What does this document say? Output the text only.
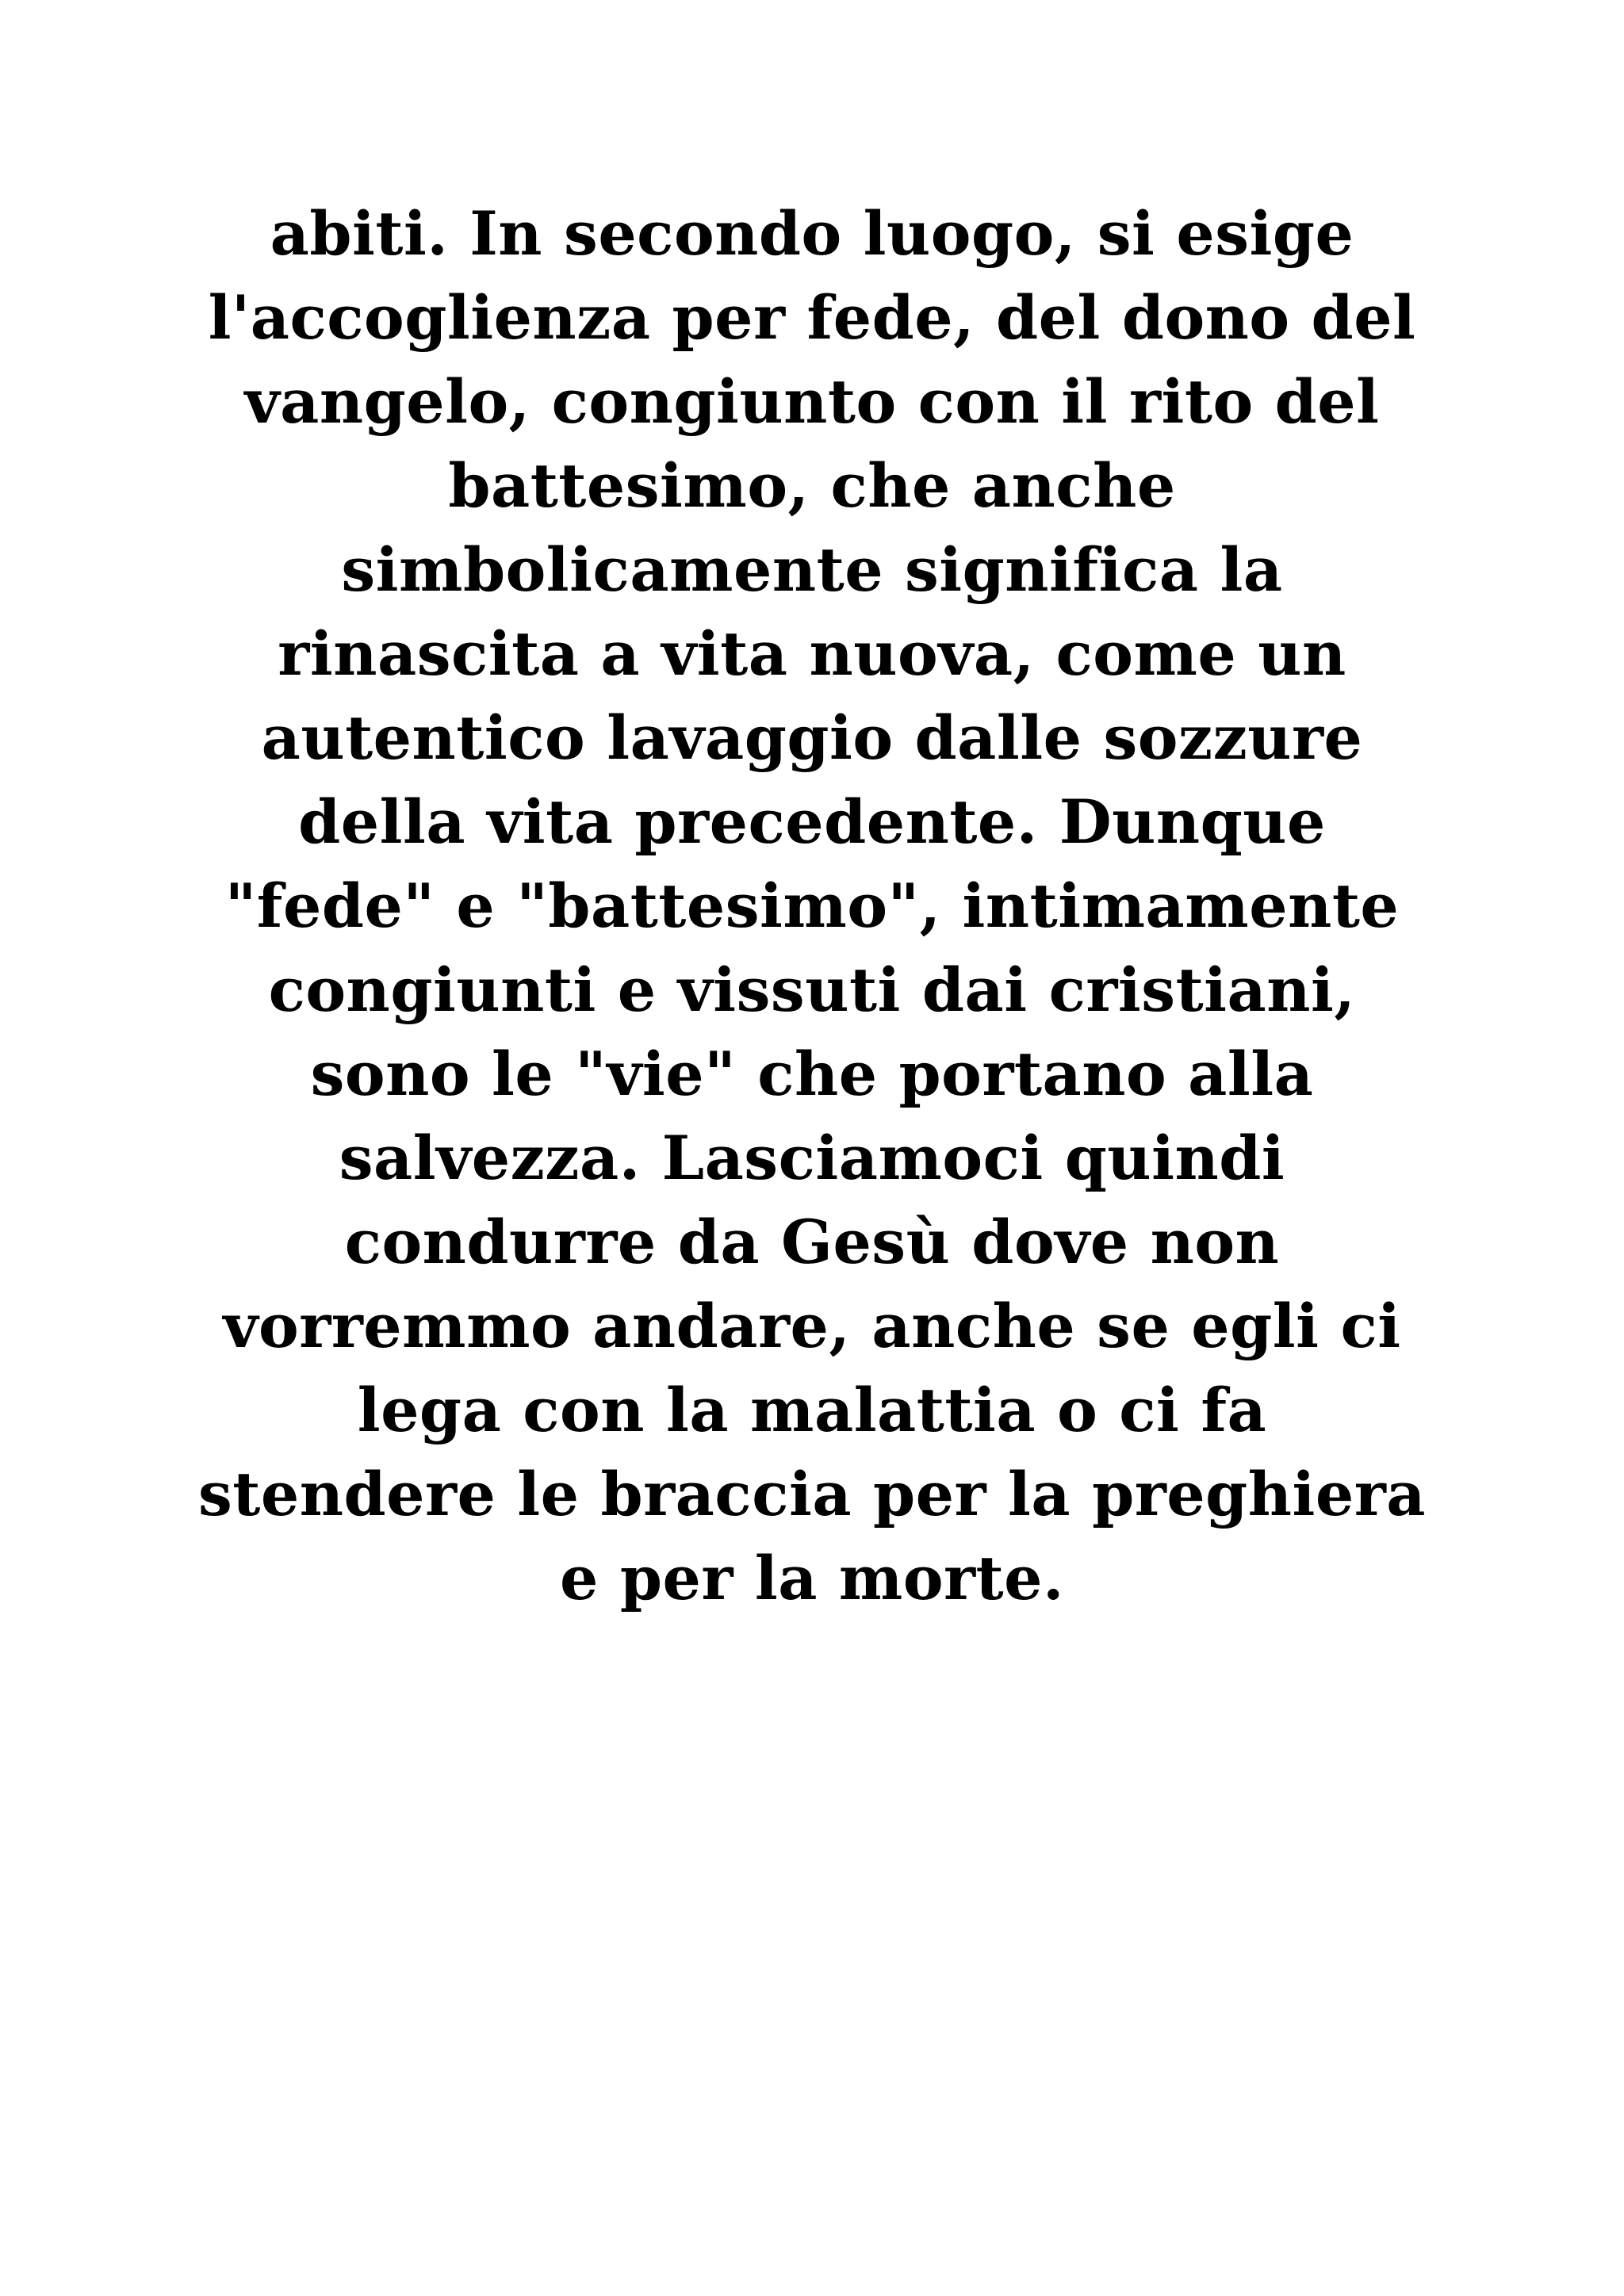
abiti. In secondo luogo, si esige
l'accoglienza per fede, del dono del
vangelo, congiunto con il rito del
battesimo, che anche
simbolicamente significa la
rinascita a vita nuova, come un
autentico lavaggio dalle sozzure
della vita precedente. Dunque
"fede" e "battesimo", intimamente
congiunti e vissuti dai cristiani,
sono le "vie" che portano alla
salvezza. Lasciamoci quindi
condurre da Gesù dove non
vorremmo andare, anche se egli ci
lega con la malattia o ci fa
stendere le braccia per la preghiera
e per la morte.
